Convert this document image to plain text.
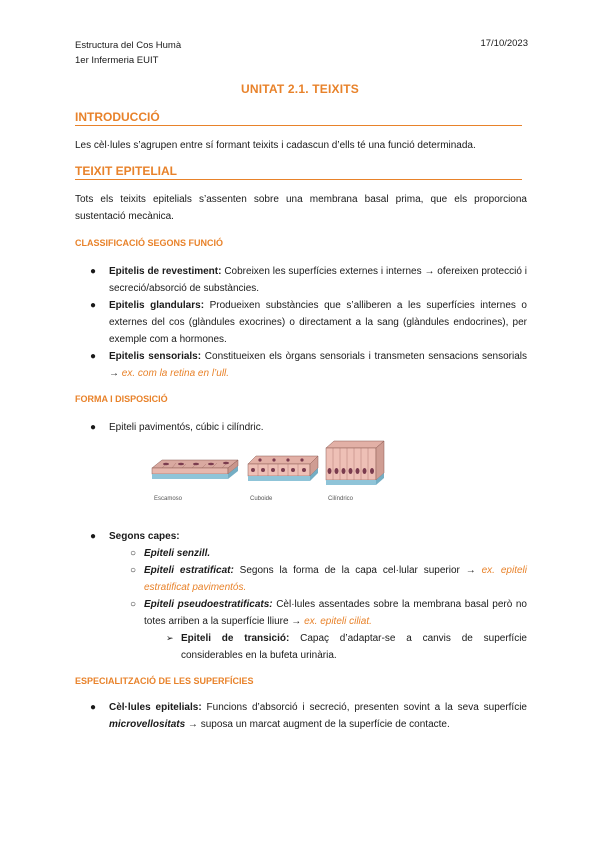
Estructura del Cos Humà
1er Infermeria EUIT
17/10/2023
UNITAT 2.1. TEIXITS
INTRODUCCIÓ
Les cèl·lules s’agrupen entre sí formant teixits i cadascun d’ells té una funció determinada.
TEIXIT EPITELIAL
Tots els teixits epitelials s’assenten sobre una membrana basal prima, que els proporciona sustentació mecànica.
CLASSIFICACIÓ SEGONS FUNCIÓ
● Epitelis de revestiment: Cobreixen les superfícies externes i internes → ofereixen protecció i secreció/absorció de substàncies.
● Epitelis glandulars: Produeixen substàncies que s’alliberen a les superfícies internes o externes del cos (glàndules exocrines) o directament a la sang (glàndules endocrines), per exemple com a hormones.
● Epitelis sensorials: Constitueixen els òrgans sensorials i transmeten sensacions sensorials → ex. com la retina en l’ull.
FORMA I DISPOSICIÓ
● Epiteli pavimentós, cúbic i cilíndric.
Escamoso	Cuboide	Cilíndrico
● Segons capes:
○ Epiteli senzill.
○ Epiteli estratificat: Segons la forma de la capa cel·lular superior → ex. epiteli estratificat pavimentós.
○ Epiteli pseudoestratificats: Cèl·lules assentades sobre la membrana basal però no totes arriben a la superfície lliure → ex. epiteli ciliat.
➢ Epiteli de transició: Capaç d’adaptar-se a canvis de superfície considerables en la bufeta urinària.
ESPECIALITZACIÓ DE LES SUPERFÍCIES
● Cèl·lules epitelials: Funcions d’absorció i secreció, presenten sovint a la seva superfície microvellositats → suposa un marcat augment de la superfície de contacte.
